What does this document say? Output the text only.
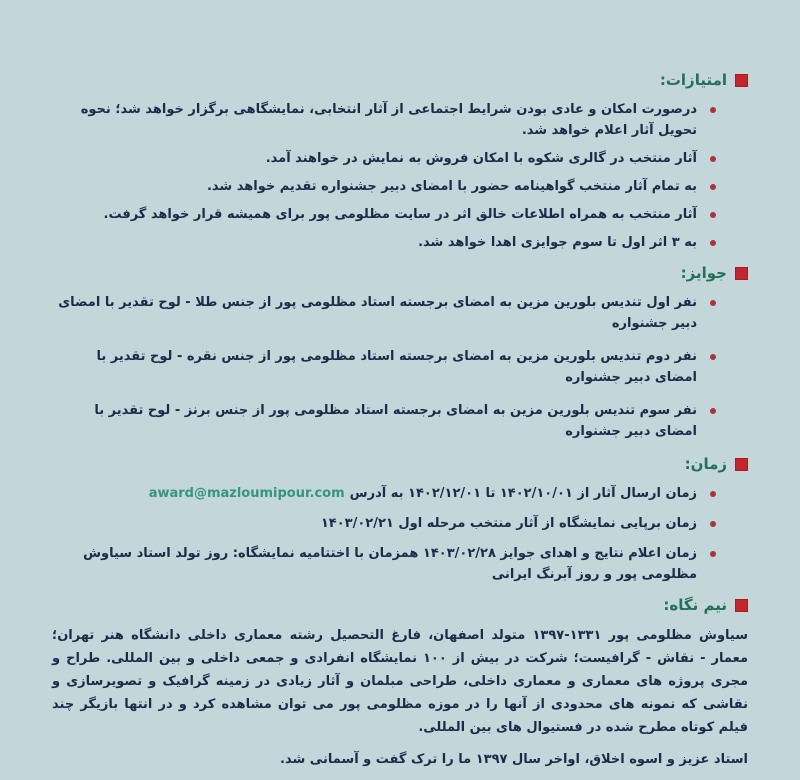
امتیازات:
درصورت امکان و عادی بودن شرایط اجتماعی از آثار انتخابی، نمایشگاهی برگزار خواهد شد؛ نحوه تحویل آثار اعلام خواهد شد.
آثار منتخب در گالری شکوه با امکان فروش به نمایش در خواهند آمد.
به تمام آثار منتخب گواهینامه حضور با امضای دبیر جشنواره تقدیم خواهد شد.
آثار منتخب به همراه اطلاعات خالق اثر در سایت مظلومی پور برای همیشه قرار خواهد گرفت.
به ۳ اثر اول تا سوم جوایزی اهدا خواهد شد.
جوایز:
نفر اول تندیس بلورین مزین به امضای برجسته استاد مظلومی پور از جنس طلا - لوح تقدیر با امضای دبیر جشنواره
نفر دوم تندیس بلورین مزین به امضای برجسته استاد مظلومی پور از جنس نقره - لوح تقدیر با امضای دبیر جشنواره
نفر سوم تندیس بلورین مزین به امضای برجسته استاد مظلومی پور از جنس برنز - لوح تقدیر با امضای دبیر جشنواره
زمان:
زمان ارسال آثار از ۱۴۰۲/۱۰/۰۱ تا ۱۴۰۲/۱۲/۰۱ به آدرسaward@mazloumipour.com
زمان برپایی نمایشگاه از آثار منتخب مرحله اول ۱۴۰۳/۰۲/۲۱
زمان اعلام نتایج و اهدای جوایز ۱۴۰۳/۰۲/۲۸ همزمان با اختتامیه نمایشگاه: روز تولد استاد سیاوش مظلومی پور و روز آبرنگ ایرانی
نیم نگاه:

سیاوش مظلومی پور ۱۳۳۱-۱۳۹۷ متولد اصفهان، فارغ التحصیل رشته معماری داخلی دانشگاه هنر تهران؛ معمار - نقاش - گرافیست؛ شرکت در بیش از ۱۰۰ نمایشگاه انفرادی و جمعی داخلی و بین المللی. طراح و مجری پروژه های معماری و معماری داخلی، طراحی مبلمان و آثار زیادی در زمینه گرافیک و تصویرسازی و نقاشی که نمونه های محدودی از آنها را در موزه مظلومی پور می توان مشاهده کرد و در انتها بازیگر چند فیلم کوتاه مطرح شده در فستیوال های بین المللی.

استاد عزیز و اسوه اخلاق، اواخر سال ۱۳۹۷ ما را ترک گفت و آسمانی شد.
